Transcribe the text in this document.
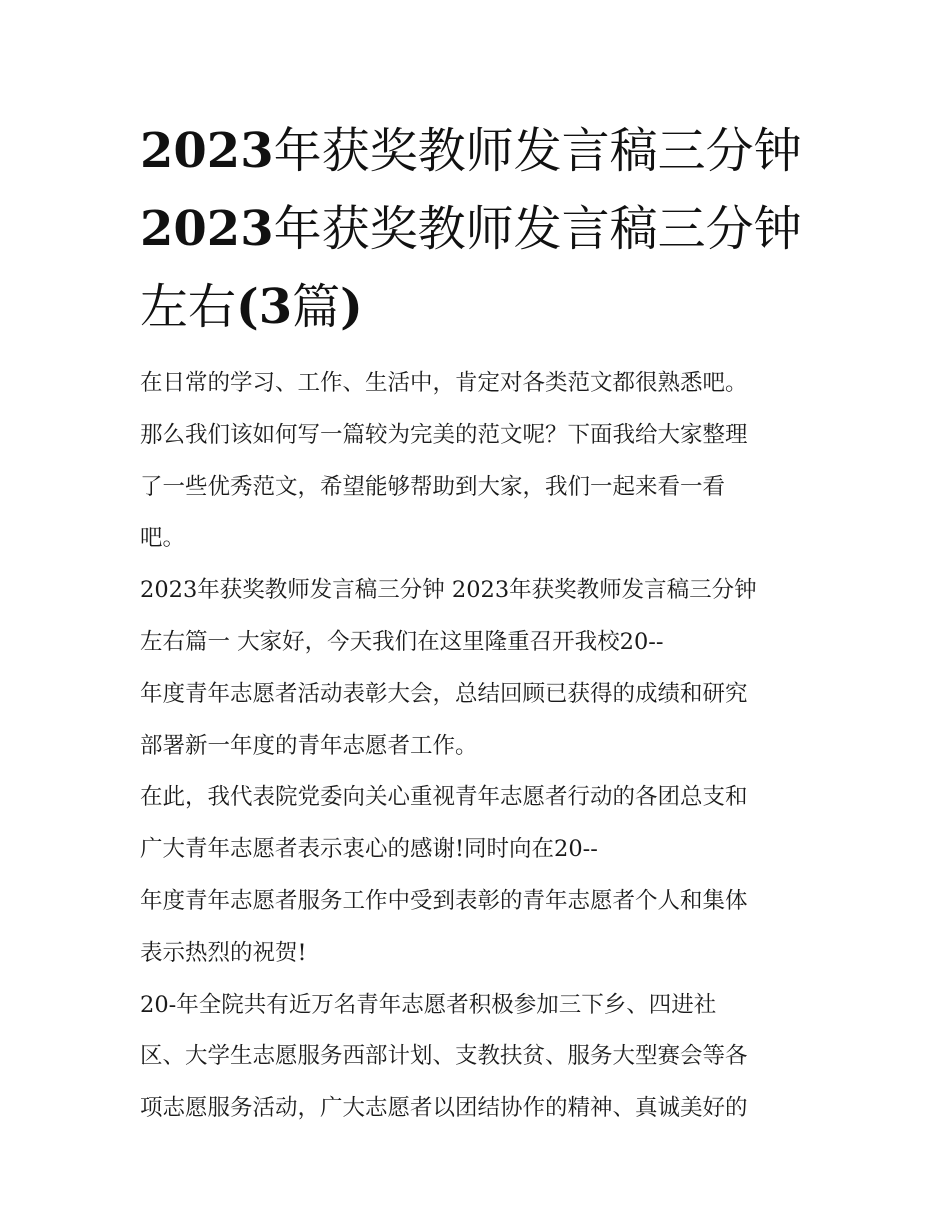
2023年获奖教师发言稿三分钟
2023年获奖教师发言稿三分钟
左右(3篇)
在日常的学习、工作、生活中，肯定对各类范文都很熟悉吧。
那么我们该如何写一篇较为完美的范文呢？下面我给大家整理
了一些优秀范文，希望能够帮助到大家，我们一起来看一看
吧。
2023年获奖教师发言稿三分钟 2023年获奖教师发言稿三分钟
左右篇一 大家好，今天我们在这里隆重召开我校20--
年度青年志愿者活动表彰大会，总结回顾已获得的成绩和研究
部署新一年度的青年志愿者工作。
在此，我代表院党委向关心重视青年志愿者行动的各团总支和
广大青年志愿者表示衷心的感谢!同时向在20--
年度青年志愿者服务工作中受到表彰的青年志愿者个人和集体
表示热烈的祝贺!
20-年全院共有近万名青年志愿者积极参加三下乡、四进社
区、大学生志愿服务西部计划、支教扶贫、服务大型赛会等各
项志愿服务活动，广大志愿者以团结协作的精神、真诚美好的
